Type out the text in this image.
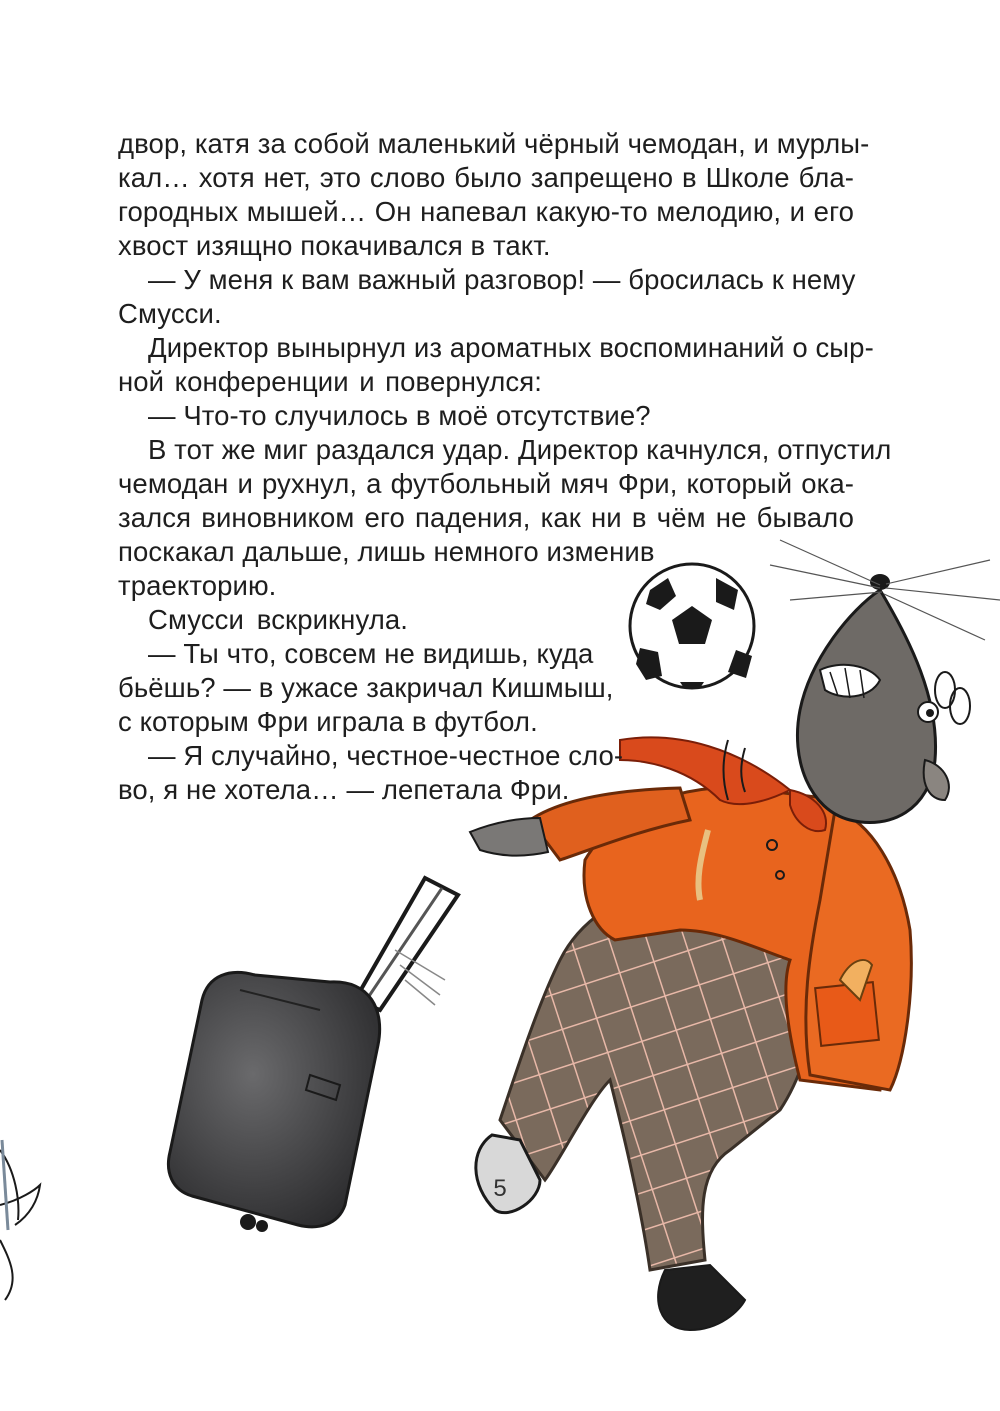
двор, катя за собой маленький чёрный чемодан, и мурлы-
кал… хотя нет, это слово было запрещено в Школе бла-
городных мышей… Он напевал какую-то мелодию, и его
хвост изящно покачивался в такт.
— У меня к вам важный разговор! — бросилась к нему
Смусси.
Директор вынырнул из ароматных воспоминаний о сыр-
ной конференции и повернулся:
— Что-то случилось в моё отсутствие?
В тот же миг раздался удар. Директор качнулся, отпустил
чемодан и рухнул, а футбольный мяч Фри, который ока-
зался виновником его падения, как ни в чём не бывало
поскакал дальше, лишь немного изменив
траекторию.
Смусси вскрикнула.
— Ты что, совсем не видишь, куда
бьёшь? — в ужасе закричал Кишмыш,
с которым Фри играла в футбол.
— Я случайно, честное-честное сло-
во, я не хотела… — лепетала Фри.
5
